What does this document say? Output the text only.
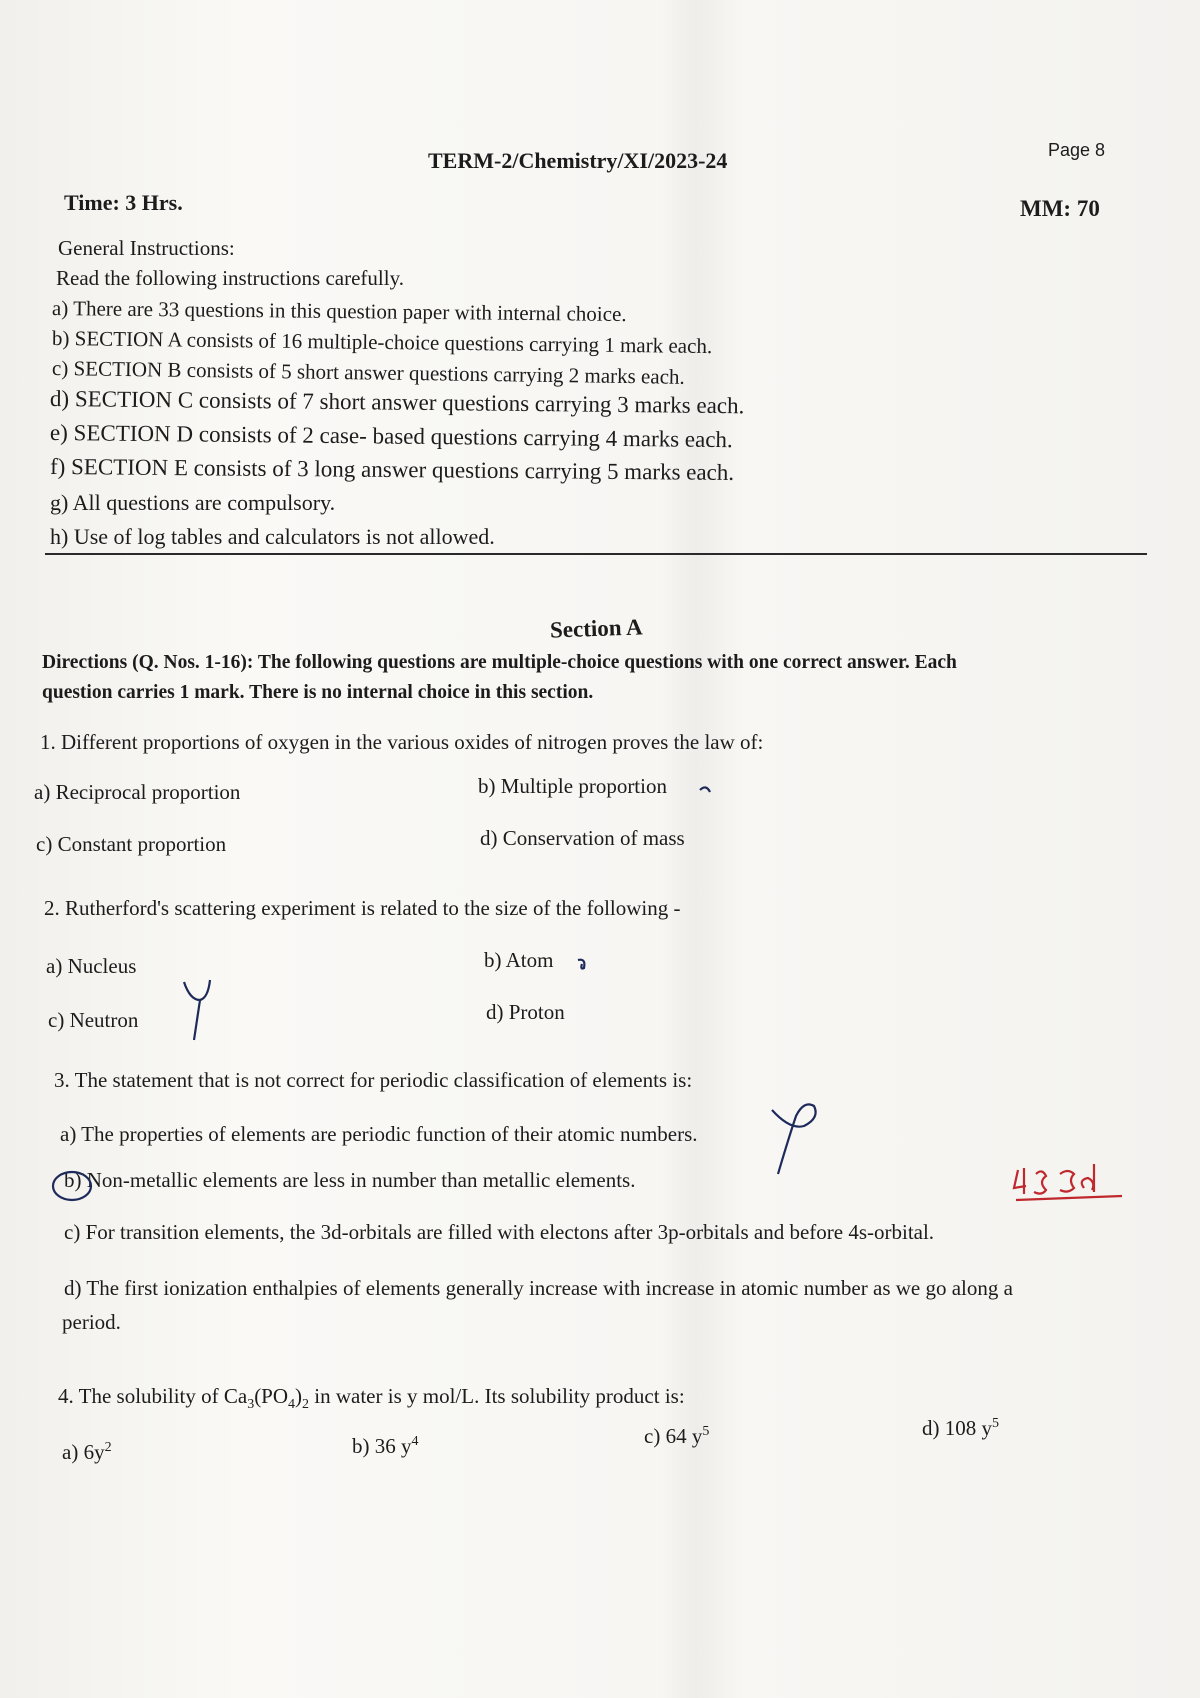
TERM-2/Chemistry/XI/2023-24	Page 8
Time: 3 Hrs.	MM: 70
General Instructions:
Read the following instructions carefully.
a) There are 33 questions in this question paper with internal choice.
b) SECTION A consists of 16 multiple-choice questions carrying 1 mark each.
c) SECTION B consists of 5 short answer questions carrying 2 marks each.
d) SECTION C consists of 7 short answer questions carrying 3 marks each.
e) SECTION D consists of 2 case- based questions carrying 4 marks each.
f) SECTION E consists of 3 long answer questions carrying 5 marks each.
g) All questions are compulsory.
h) Use of log tables and calculators is not allowed.
Section A
Directions (Q. Nos. 1-16): The following questions are multiple-choice questions with one correct answer. Each
question carries 1 mark. There is no internal choice in this section.
1. Different proportions of oxygen in the various oxides of nitrogen proves the law of:
a) Reciprocal proportion	b) Multiple proportion
c) Constant proportion	d) Conservation of mass
2. Rutherford's scattering experiment is related to the size of the following -
a) Nucleus	b) Atom
c) Neutron	d) Proton
3. The statement that is not correct for periodic classification of elements is:
a) The properties of elements are periodic function of their atomic numbers.
b) Non-metallic elements are less in number than metallic elements.
c) For transition elements, the 3d-orbitals are filled with electons after 3p-orbitals and before 4s-orbital.
d) The first ionization enthalpies of elements generally increase with increase in atomic number as we go along a
period.
4. The solubility of $Ca_3(PO_4)_2$ in water is y mol/L. Its solubility product is:
a) $6y^2$	b) 36 $y^4$	c) 64 $y^5$	d) 108 $y^5$
